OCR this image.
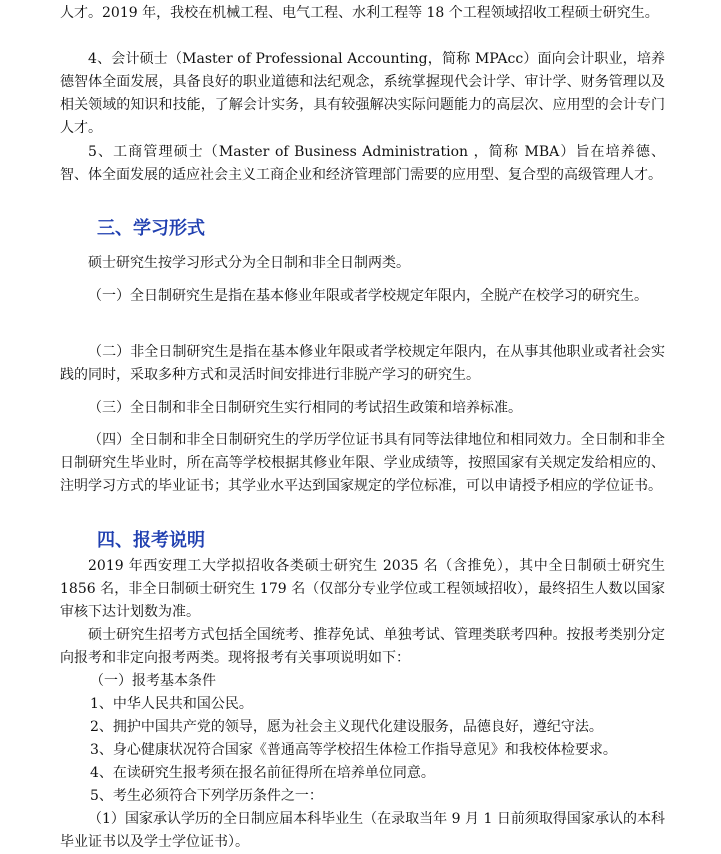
人才。2019 年，我校在机械工程、电气工程、水利工程等 18 个工程领域招收工程硕士研究生。

4、会计硕士（Master of Professional Accounting，简称 MPAcc）面向会计职业，培养德智体全面发展，具备良好的职业道德和法纪观念，系统掌握现代会计学、审计学、财务管理以及相关领域的知识和技能，了解会计实务，具有较强解决实际问题能力的高层次、应用型的会计专门人才。

5、工商管理硕士（Master of Business Administration ，简称 MBA）旨在培养德、智、体全面发展的适应社会主义工商企业和经济管理部门需要的应用型、复合型的高级管理人才。

三、学习形式

硕士研究生按学习形式分为全日制和非全日制两类。

（一）全日制研究生是指在基本修业年限或者学校规定年限内，全脱产在校学习的研究生。

（二）非全日制研究生是指在基本修业年限或者学校规定年限内，在从事其他职业或者社会实践的同时，采取多种方式和灵活时间安排进行非脱产学习的研究生。

（三）全日制和非全日制研究生实行相同的考试招生政策和培养标准。

（四）全日制和非全日制研究生的学历学位证书具有同等法律地位和相同效力。全日制和非全日制研究生毕业时，所在高等学校根据其修业年限、学业成绩等，按照国家有关规定发给相应的、注明学习方式的毕业证书；其学业水平达到国家规定的学位标准，可以申请授予相应的学位证书。

四、报考说明

2019 年西安理工大学拟招收各类硕士研究生 2035 名（含推免），其中全日制硕士研究生 1856 名，非全日制硕士研究生 179 名（仅部分专业学位或工程领域招收），最终招生人数以国家审核下达计划数为准。

硕士研究生招考方式包括全国统考、推荐免试、单独考试、管理类联考四种。按报考类别分定向报考和非定向报考两类。现将报考有关事项说明如下：

（一）报考基本条件

1、中华人民共和国公民。

2、拥护中国共产党的领导，愿为社会主义现代化建设服务，品德良好，遵纪守法。

3、身心健康状况符合国家《普通高等学校招生体检工作指导意见》和我校体检要求。

4、在读研究生报考须在报名前征得所在培养单位同意。

5、考生必须符合下列学历条件之一：

（1）国家承认学历的全日制应届本科毕业生（在录取当年 9 月 1 日前须取得国家承认的本科毕业证书以及学士学位证书）。
